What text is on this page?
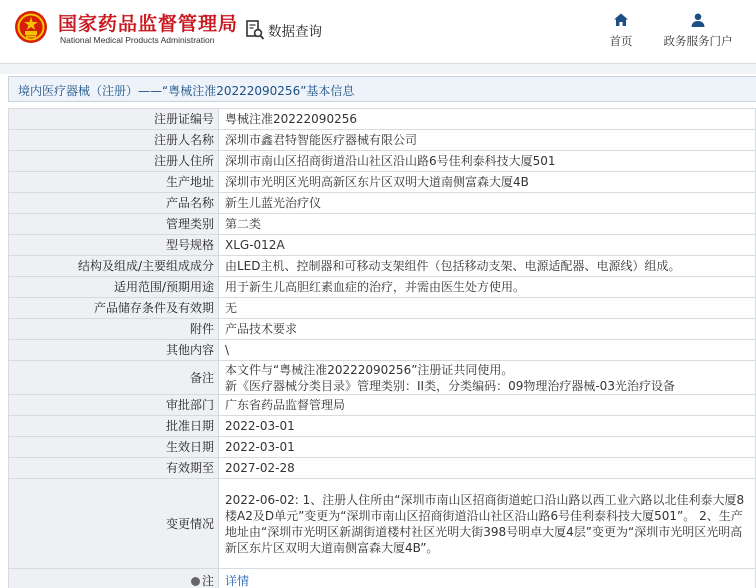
国家药品监督管理局
National Medical Products Administration	数据查询
首页	政务服务门户
境内医疗器械（注册）——“粤械注准20222090256”基本信息
注册证编号	粤械注准20222090256
注册人名称	深圳市鑫君特智能医疗器械有限公司
注册人住所	深圳市南山区招商街道沿山社区沿山路6号佳利泰科技大厦501
生产地址	深圳市光明区光明高新区东片区双明大道南侧富森大厦4B
产品名称	新生儿蓝光治疗仪
管理类别	第二类
型号规格	XLG-012A
结构及组成/主要组成成分	由LED主机、控制器和可移动支架组件（包括移动支架、电源适配器、电源线）组成。
适用范围/预期用途	用于新生儿高胆红素血症的治疗，并需由医生处方使用。
产品储存条件及有效期	无
附件	产品技术要求
其他内容	\
备注	本文件与“粤械注准20222090256”注册证共同使用。
新《医疗器械分类目录》管理类别：II类，分类编码：09物理治疗器械-03光治疗设备

审批部门	广东省药品监督管理局
批准日期	2022-03-01
生效日期	2022-03-01
有效期至	2027-02-28
变更情况	2022-06-02: 1、注册人住所由“深圳市南山区招商街道蛇口沿山路以西工业六路以北佳利泰大厦8 楼A2及D单元”变更为“深圳市南山区招商街道沿山社区沿山路6号佳利泰科技大厦501”。 2、生产地址由“深圳市光明区新湖街道楼村社区光明大街398号明卓大厦4层”变更为“深圳市光明区光明高新区东片区双明大道南侧富森大厦4B”。
注	详情
